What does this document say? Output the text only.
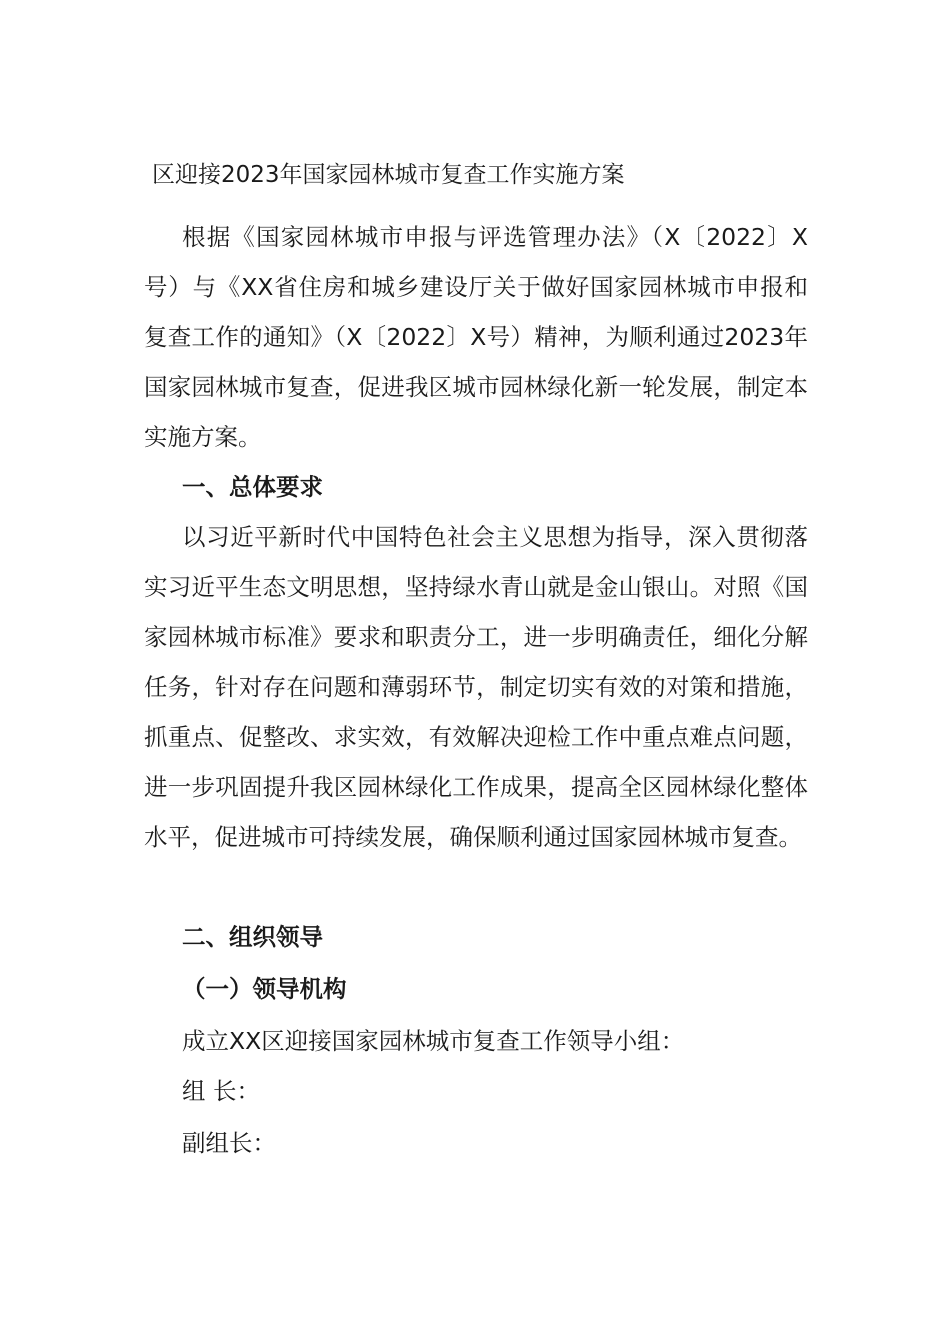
区迎接2023年国家园林城市复查工作实施方案

根据《国家园林城市申报与评选管理办法》（X〔2022〕X号）与《XX省住房和城乡建设厅关于做好国家园林城市申报和复查工作的通知》（X〔2022〕X号）精神，为顺利通过2023年国家园林城市复查，促进我区城市园林绿化新一轮发展，制定本实施方案。

一、总体要求

以习近平新时代中国特色社会主义思想为指导，深入贯彻落实习近平生态文明思想，坚持绿水青山就是金山银山。对照《国家园林城市标准》要求和职责分工，进一步明确责任，细化分解任务，针对存在问题和薄弱环节，制定切实有效的对策和措施，抓重点、促整改、求实效，有效解决迎检工作中重点难点问题，进一步巩固提升我区园林绿化工作成果，提高全区园林绿化整体水平，促进城市可持续发展，确保顺利通过国家园林城市复查。

二、组织领导
（一）领导机构
成立XX区迎接国家园林城市复查工作领导小组：
组 长：
副组长：
